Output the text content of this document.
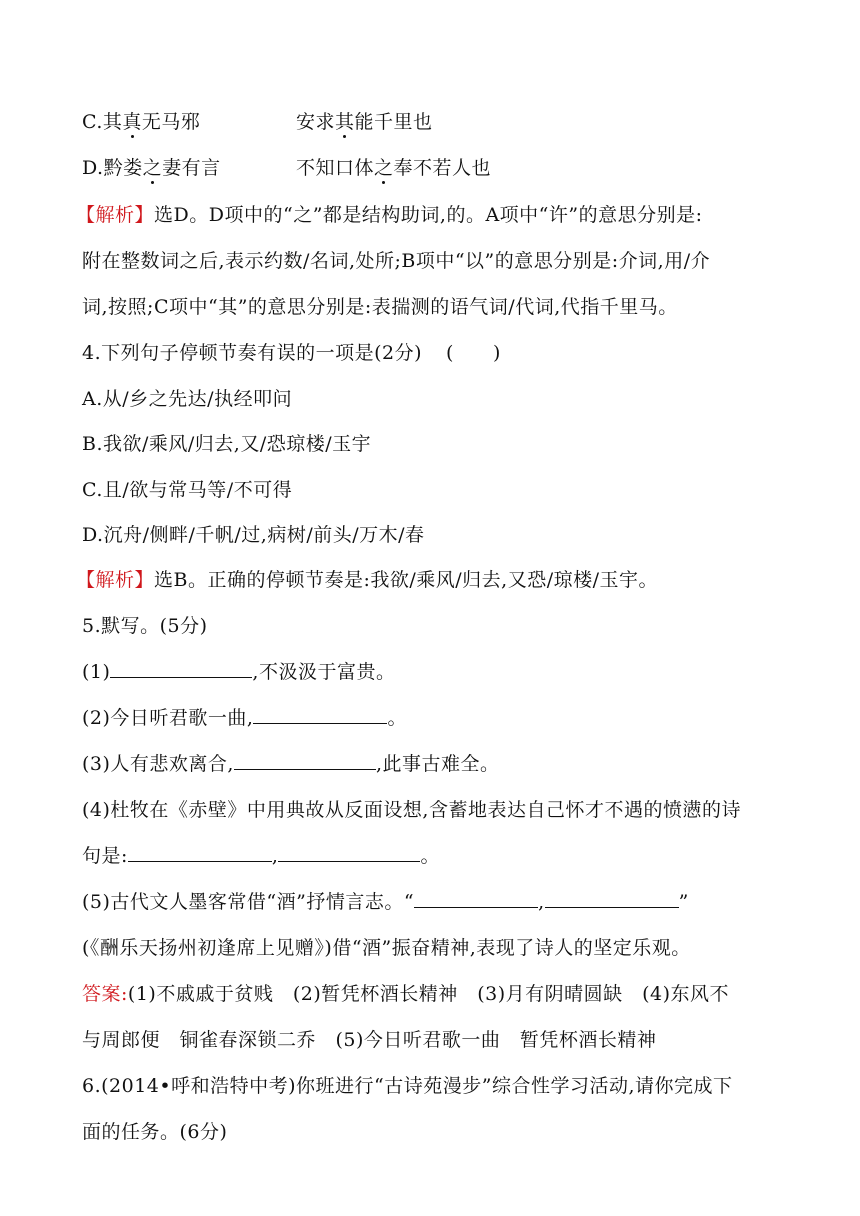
C.其真无马邪	安求其能千里也
D.黔娄之妻有言	不知口体之奉不若人也
【解析】选D。D项中的“之”都是结构助词,的。A项中“许”的意思分别是:
附在整数词之后,表示约数/名词,处所;B项中“以”的意思分别是:介词,用/介
词,按照;C项中“其”的意思分别是:表揣测的语气词/代词,代指千里马。
4.下列句子停顿节奏有误的一项是(2分) (　　)
A.从/乡之先达/执经叩问
B.我欲/乘风/归去,又/恐琼楼/玉宇
C.且/欲与常马等/不可得
D.沉舟/侧畔/千帆/过,病树/前头/万木/春
【解析】选B。正确的停顿节奏是:我欲/乘风/归去,又恐/琼楼/玉宇。
5.默写。(5分)
(1)	,不汲汲于富贵。
(2)今日听君歌一曲,	。
(3)人有悲欢离合,	,此事古难全。
(4)杜牧在《赤壁》中用典故从反面设想,含蓄地表达自己怀才不遇的愤懑的诗
句是:	,	。
(5)古代文人墨客常借“酒”抒情言志。“	,	”
(《酬乐天扬州初逢席上见赠》)借“酒”振奋精神,表现了诗人的坚定乐观。
答案:(1)不戚戚于贫贱　(2)暂凭杯酒长精神　(3)月有阴晴圆缺　(4)东风不
与周郎便　铜雀春深锁二乔　(5)今日听君歌一曲　暂凭杯酒长精神
6.(2014•呼和浩特中考)你班进行“古诗苑漫步”综合性学习活动,请你完成下
面的任务。(6分)
